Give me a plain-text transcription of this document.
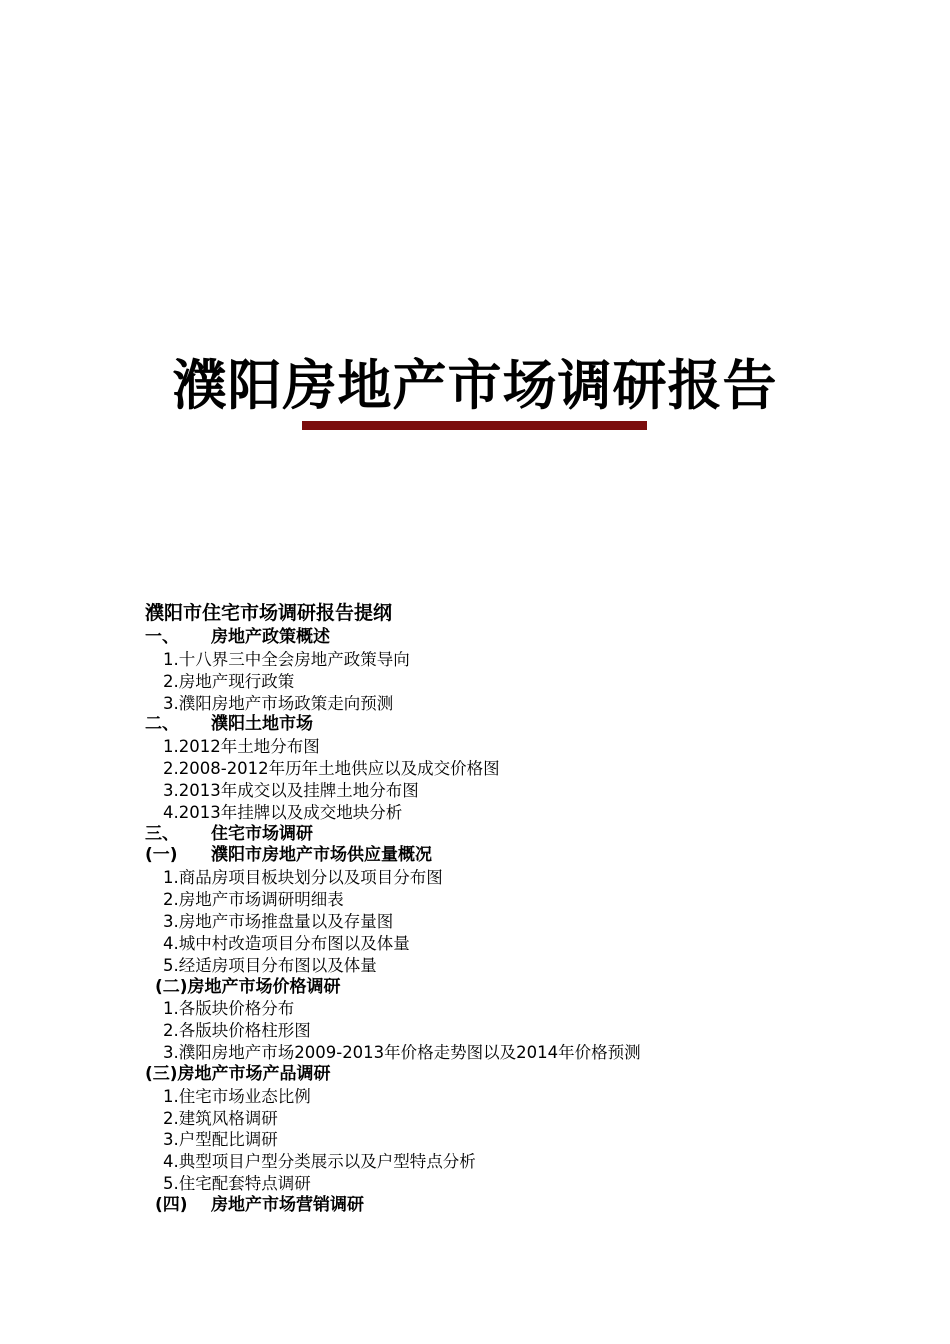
濮阳房地产市场调研报告
濮阳市住宅市场调研报告提纲
一、 房地产政策概述
1.十八界三中全会房地产政策导向
2.房地产现行政策
3.濮阳房地产市场政策走向预测
二、 濮阳土地市场
1.2012年土地分布图
2.2008-2012年历年土地供应以及成交价格图
3.2013年成交以及挂牌土地分布图
4.2013年挂牌以及成交地块分析
三、 住宅市场调研
(一) 濮阳市房地产市场供应量概况
1.商品房项目板块划分以及项目分布图
2.房地产市场调研明细表
3.房地产市场推盘量以及存量图
4.城中村改造项目分布图以及体量
5.经适房项目分布图以及体量
(二)房地产市场价格调研
1.各版块价格分布
2.各版块价格柱形图
3.濮阳房地产市场2009-2013年价格走势图以及2014年价格预测
(三)房地产市场产品调研
1.住宅市场业态比例
2.建筑风格调研
3.户型配比调研
4.典型项目户型分类展示以及户型特点分析
5.住宅配套特点调研
(四) 房地产市场营销调研
